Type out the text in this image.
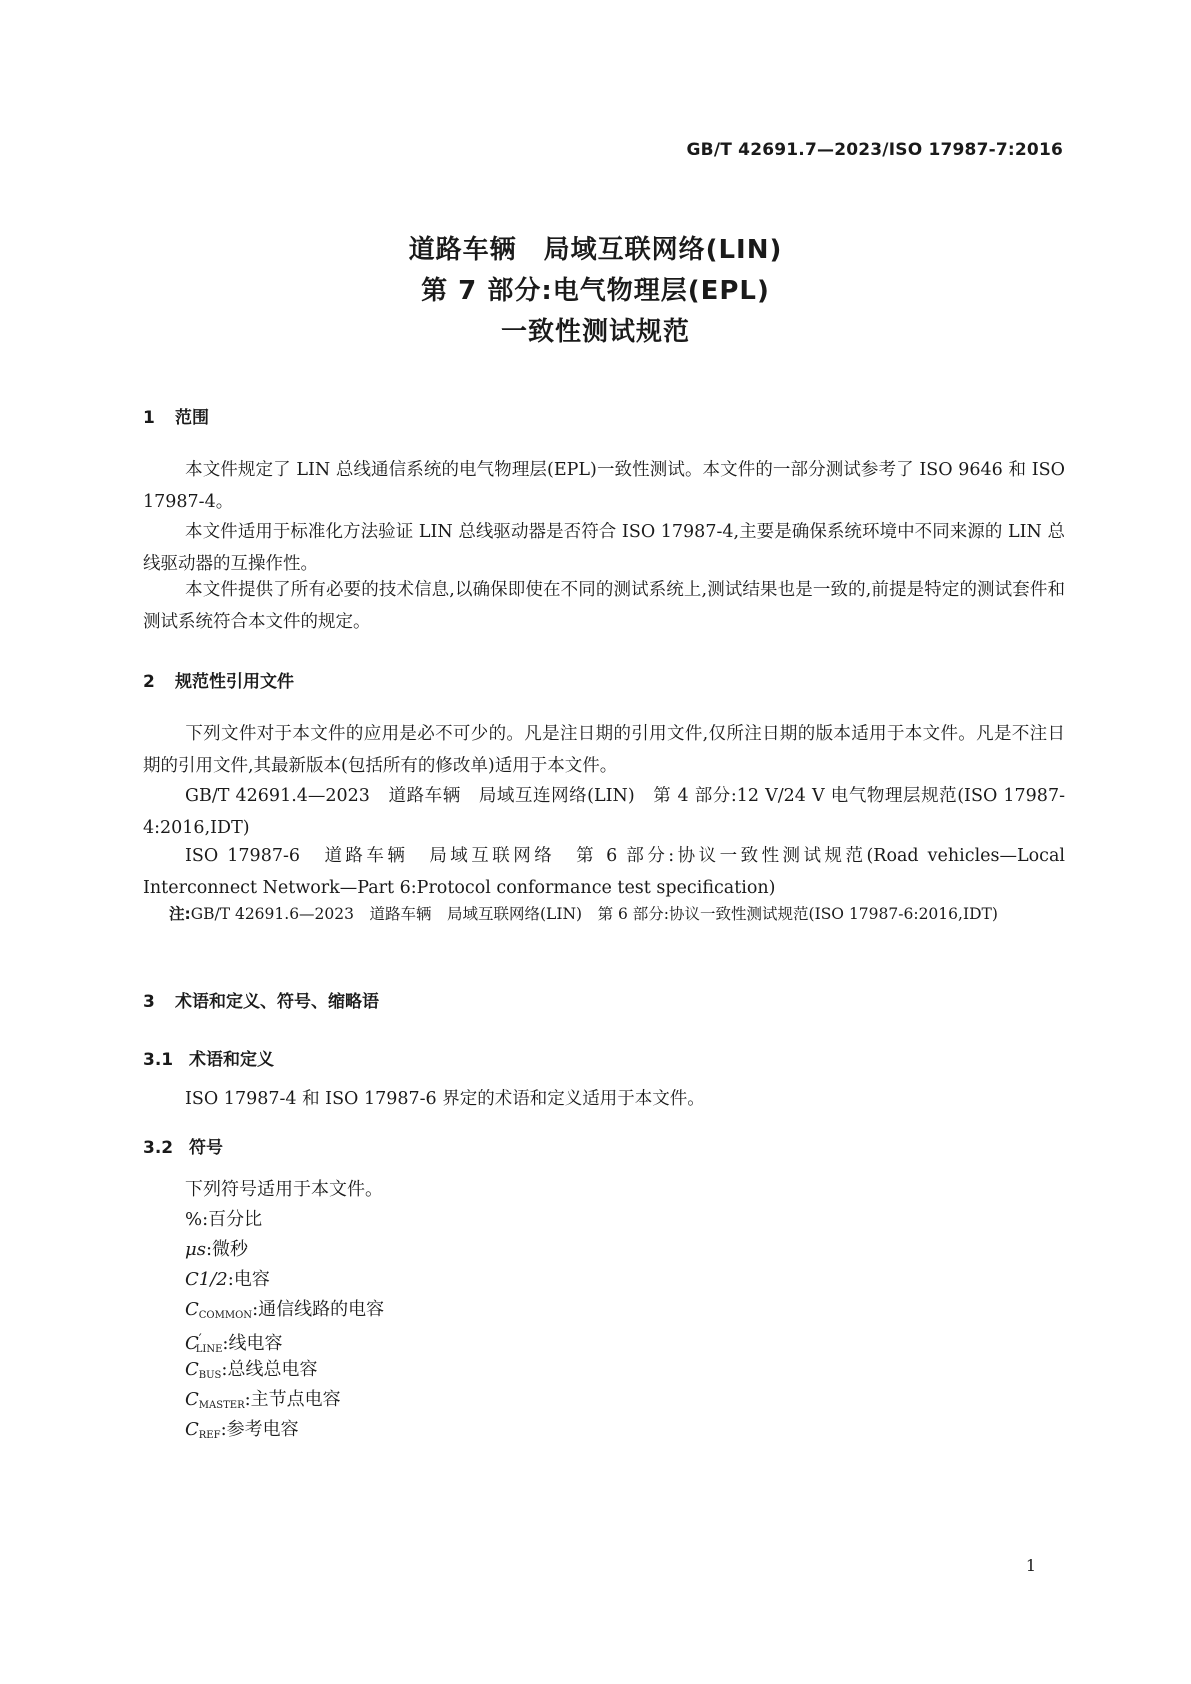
GB/T 42691.7—2023/ISO 17987-7:2016
道路车辆　局域互联网络(LIN)
第 7 部分:电气物理层(EPL)
一致性测试规范
1 范围
本文件规定了 LIN 总线通信系统的电气物理层(EPL)一致性测试。本文件的一部分测试参考了 ISO 9646 和 ISO 17987-4。
本文件适用于标准化方法验证 LIN 总线驱动器是否符合 ISO 17987-4,主要是确保系统环境中不同来源的 LIN 总线驱动器的互操作性。
本文件提供了所有必要的技术信息,以确保即使在不同的测试系统上,测试结果也是一致的,前提是特定的测试套件和测试系统符合本文件的规定。
2 规范性引用文件
下列文件对于本文件的应用是必不可少的。凡是注日期的引用文件,仅所注日期的版本适用于本文件。凡是不注日期的引用文件,其最新版本(包括所有的修改单)适用于本文件。
GB/T 42691.4—2023　道路车辆　局域互连网络(LIN)　第 4 部分:12 V/24 V 电气物理层规范(ISO 17987-4:2016,IDT)
ISO 17987-6　道路车辆　局域互联网络　第 6 部分:协议一致性测试规范(Road vehicles—Local Interconnect Network—Part 6:Protocol conformance test specification)
注:GB/T 42691.6—2023　道路车辆　局域互联网络(LIN)　第 6 部分:协议一致性测试规范(ISO 17987-6:2016,IDT)
3 术语和定义、符号、缩略语
3.1 术语和定义
ISO 17987-4 和 ISO 17987-6 界定的术语和定义适用于本文件。
3.2 符号
下列符号适用于本文件。
%:百分比
μs:微秒
C1/2:电容
$C_{COMMON}$:通信线路的电容
$C'_{LINE}$:线电容
$C_{BUS}$:总线总电容
$C_{MASTER}$:主节点电容
$C_{REF}$:参考电容
1
